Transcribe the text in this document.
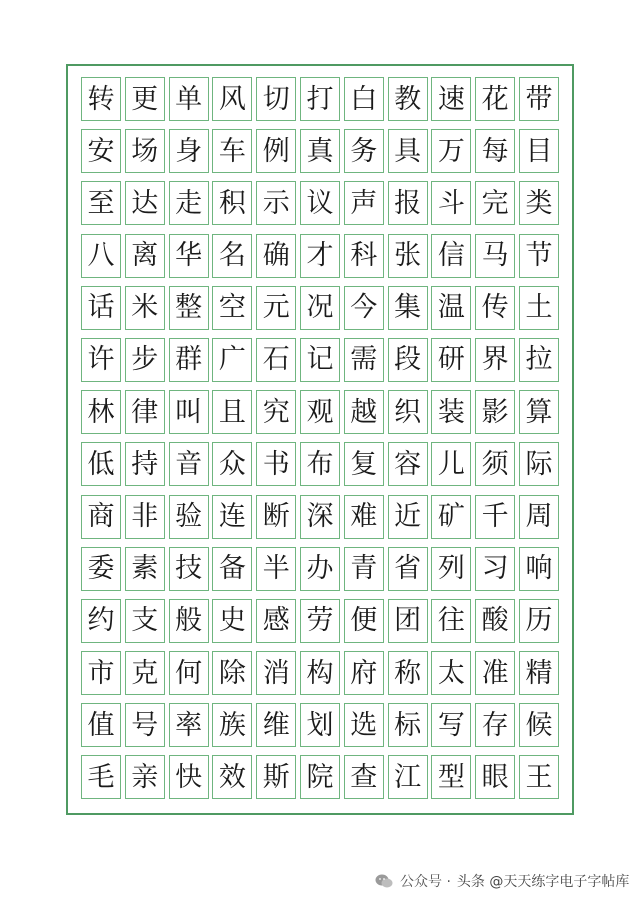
转 更 单 风 切 打 白 教 速 花 带
安 场 身 车 例 真 务 具 万 每 目
至 达 走 积 示 议 声 报 斗 完 类
八 离 华 名 确 才 科 张 信 马 节
话 米 整 空 元 况 今 集 温 传 土
许 步 群 广 石 记 需 段 研 界 拉
林 律 叫 且 究 观 越 织 装 影 算
低 持 音 众 书 布 复 容 儿 须 际
商 非 验 连 断 深 难 近 矿 千 周
委 素 技 备 半 办 青 省 列 习 响
约 支 般 史 感 劳 便 团 往 酸 历
市 克 何 除 消 构 府 称 太 准 精
值 号 率 族 维 划 选 标 写 存 候
毛 亲 快 效 斯 院 查 江 型 眼 王
公众号 · 头条 @天天练字电子字帖库
